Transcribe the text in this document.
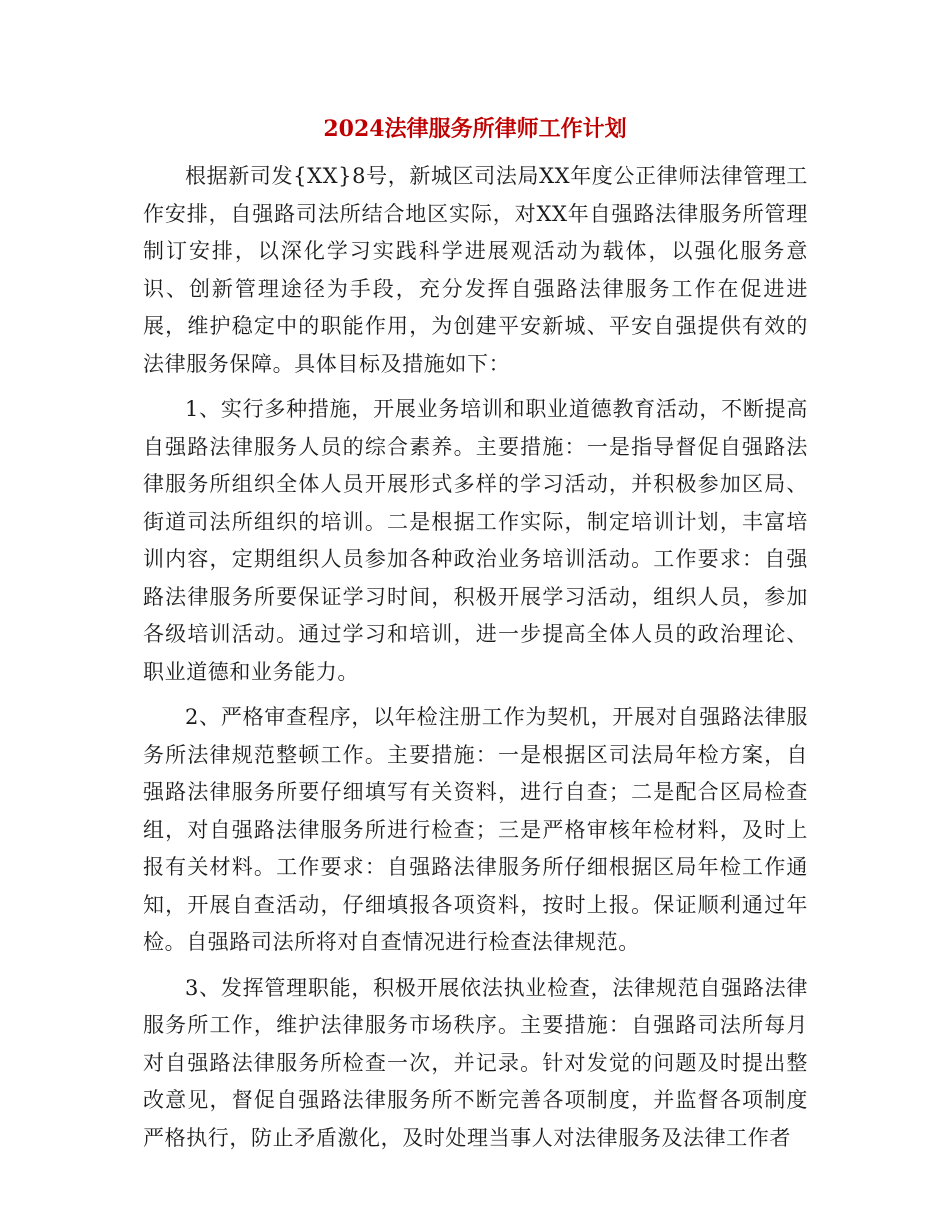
2024法律服务所律师工作计划

根据新司发{XX}8号，新城区司法局XX年度公正律师法律管理工作安排，自强路司法所结合地区实际，对XX年自强路法律服务所管理制订安排，以深化学习实践科学进展观活动为载体，以强化服务意识、创新管理途径为手段，充分发挥自强路法律服务工作在促进进展，维护稳定中的职能作用，为创建平安新城、平安自强提供有效的法律服务保障。具体目标及措施如下：

1、实行多种措施，开展业务培训和职业道德教育活动，不断提高自强路法律服务人员的综合素养。主要措施：一是指导督促自强路法律服务所组织全体人员开展形式多样的学习活动，并积极参加区局、街道司法所组织的培训。二是根据工作实际，制定培训计划，丰富培训内容，定期组织人员参加各种政治业务培训活动。工作要求：自强路法律服务所要保证学习时间，积极开展学习活动，组织人员，参加各级培训活动。通过学习和培训，进一步提高全体人员的政治理论、职业道德和业务能力。

2、严格审查程序，以年检注册工作为契机，开展对自强路法律服务所法律规范整顿工作。主要措施：一是根据区司法局年检方案，自强路法律服务所要仔细填写有关资料，进行自查；二是配合区局检查组，对自强路法律服务所进行检查；三是严格审核年检材料，及时上报有关材料。工作要求：自强路法律服务所仔细根据区局年检工作通知，开展自查活动，仔细填报各项资料，按时上报。保证顺利通过年检。自强路司法所将对自查情况进行检查法律规范。

3、发挥管理职能，积极开展依法执业检查，法律规范自强路法律服务所工作，维护法律服务市场秩序。主要措施：自强路司法所每月对自强路法律服务所检查一次，并记录。针对发觉的问题及时提出整改意见，督促自强路法律服务所不断完善各项制度，并监督各项制度严格执行，防止矛盾激化，及时处理当事人对法律服务及法律工作者
